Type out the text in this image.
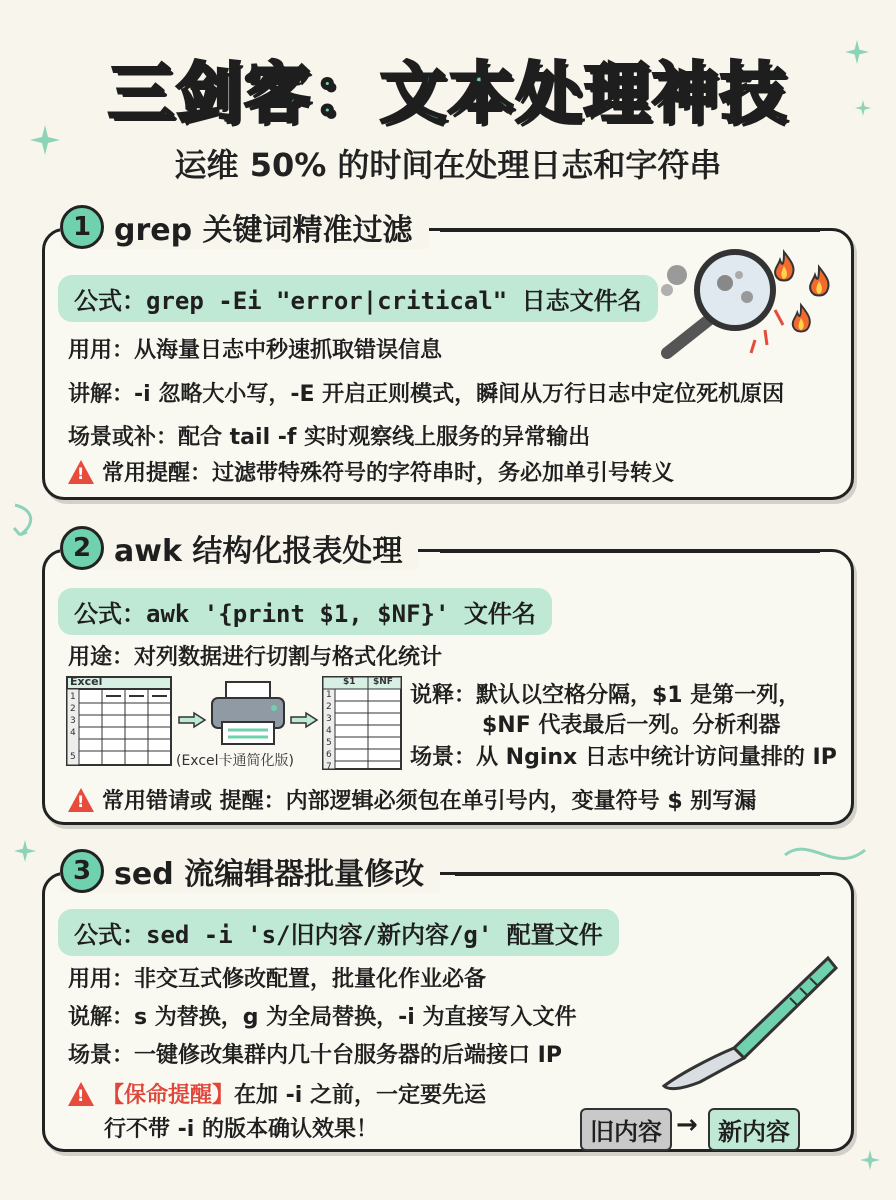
三剑客：文本处理神技
运维 50% 的时间在处理日志和字符串
1 grep 关键词精准过滤
公式：grep -Ei "error|critical" 日志文件名
用用：从海量日志中秒速抓取错误信息
讲解：-i 忽略大小写，-E 开启正则模式，瞬间从万行日志中定位死机原因
场景或补：配合 tail -f 实时观察线上服务的异常输出
!
常用提醒：过滤带特殊符号的字符串时，务必加单引号转义
2 awk 结构化报表处理
公式：awk '{print $1, $NF}' 文件名
用途：对列数据进行切割与格式化统计
Excel
1
2
3
4
5	(Excel卡通简化版)
$1 $NF
1
2
3
4
5
6
7
说释：默认以空格分隔，$1 是第一列，
$NF 代表最后一列。分析利器
场景：从 Nginx 日志中统计访问量排的 IP
!
常用错请或 提醒：内部逻辑必须包在单引号内，变量符号 $ 别写漏
3 sed 流编辑器批量修改
公式：sed -i 's/旧内容/新内容/g' 配置文件
用用：非交互式修改配置，批量化作业必备
说解：s 为替换，g 为全局替换，-i 为直接写入文件
场景：一键修改集群内几十台服务器的后端接口 IP
!
【保命提醒】 在加 -i 之前，一定要先运
行不带 -i 的版本确认效果！	旧内容 → 新内容
